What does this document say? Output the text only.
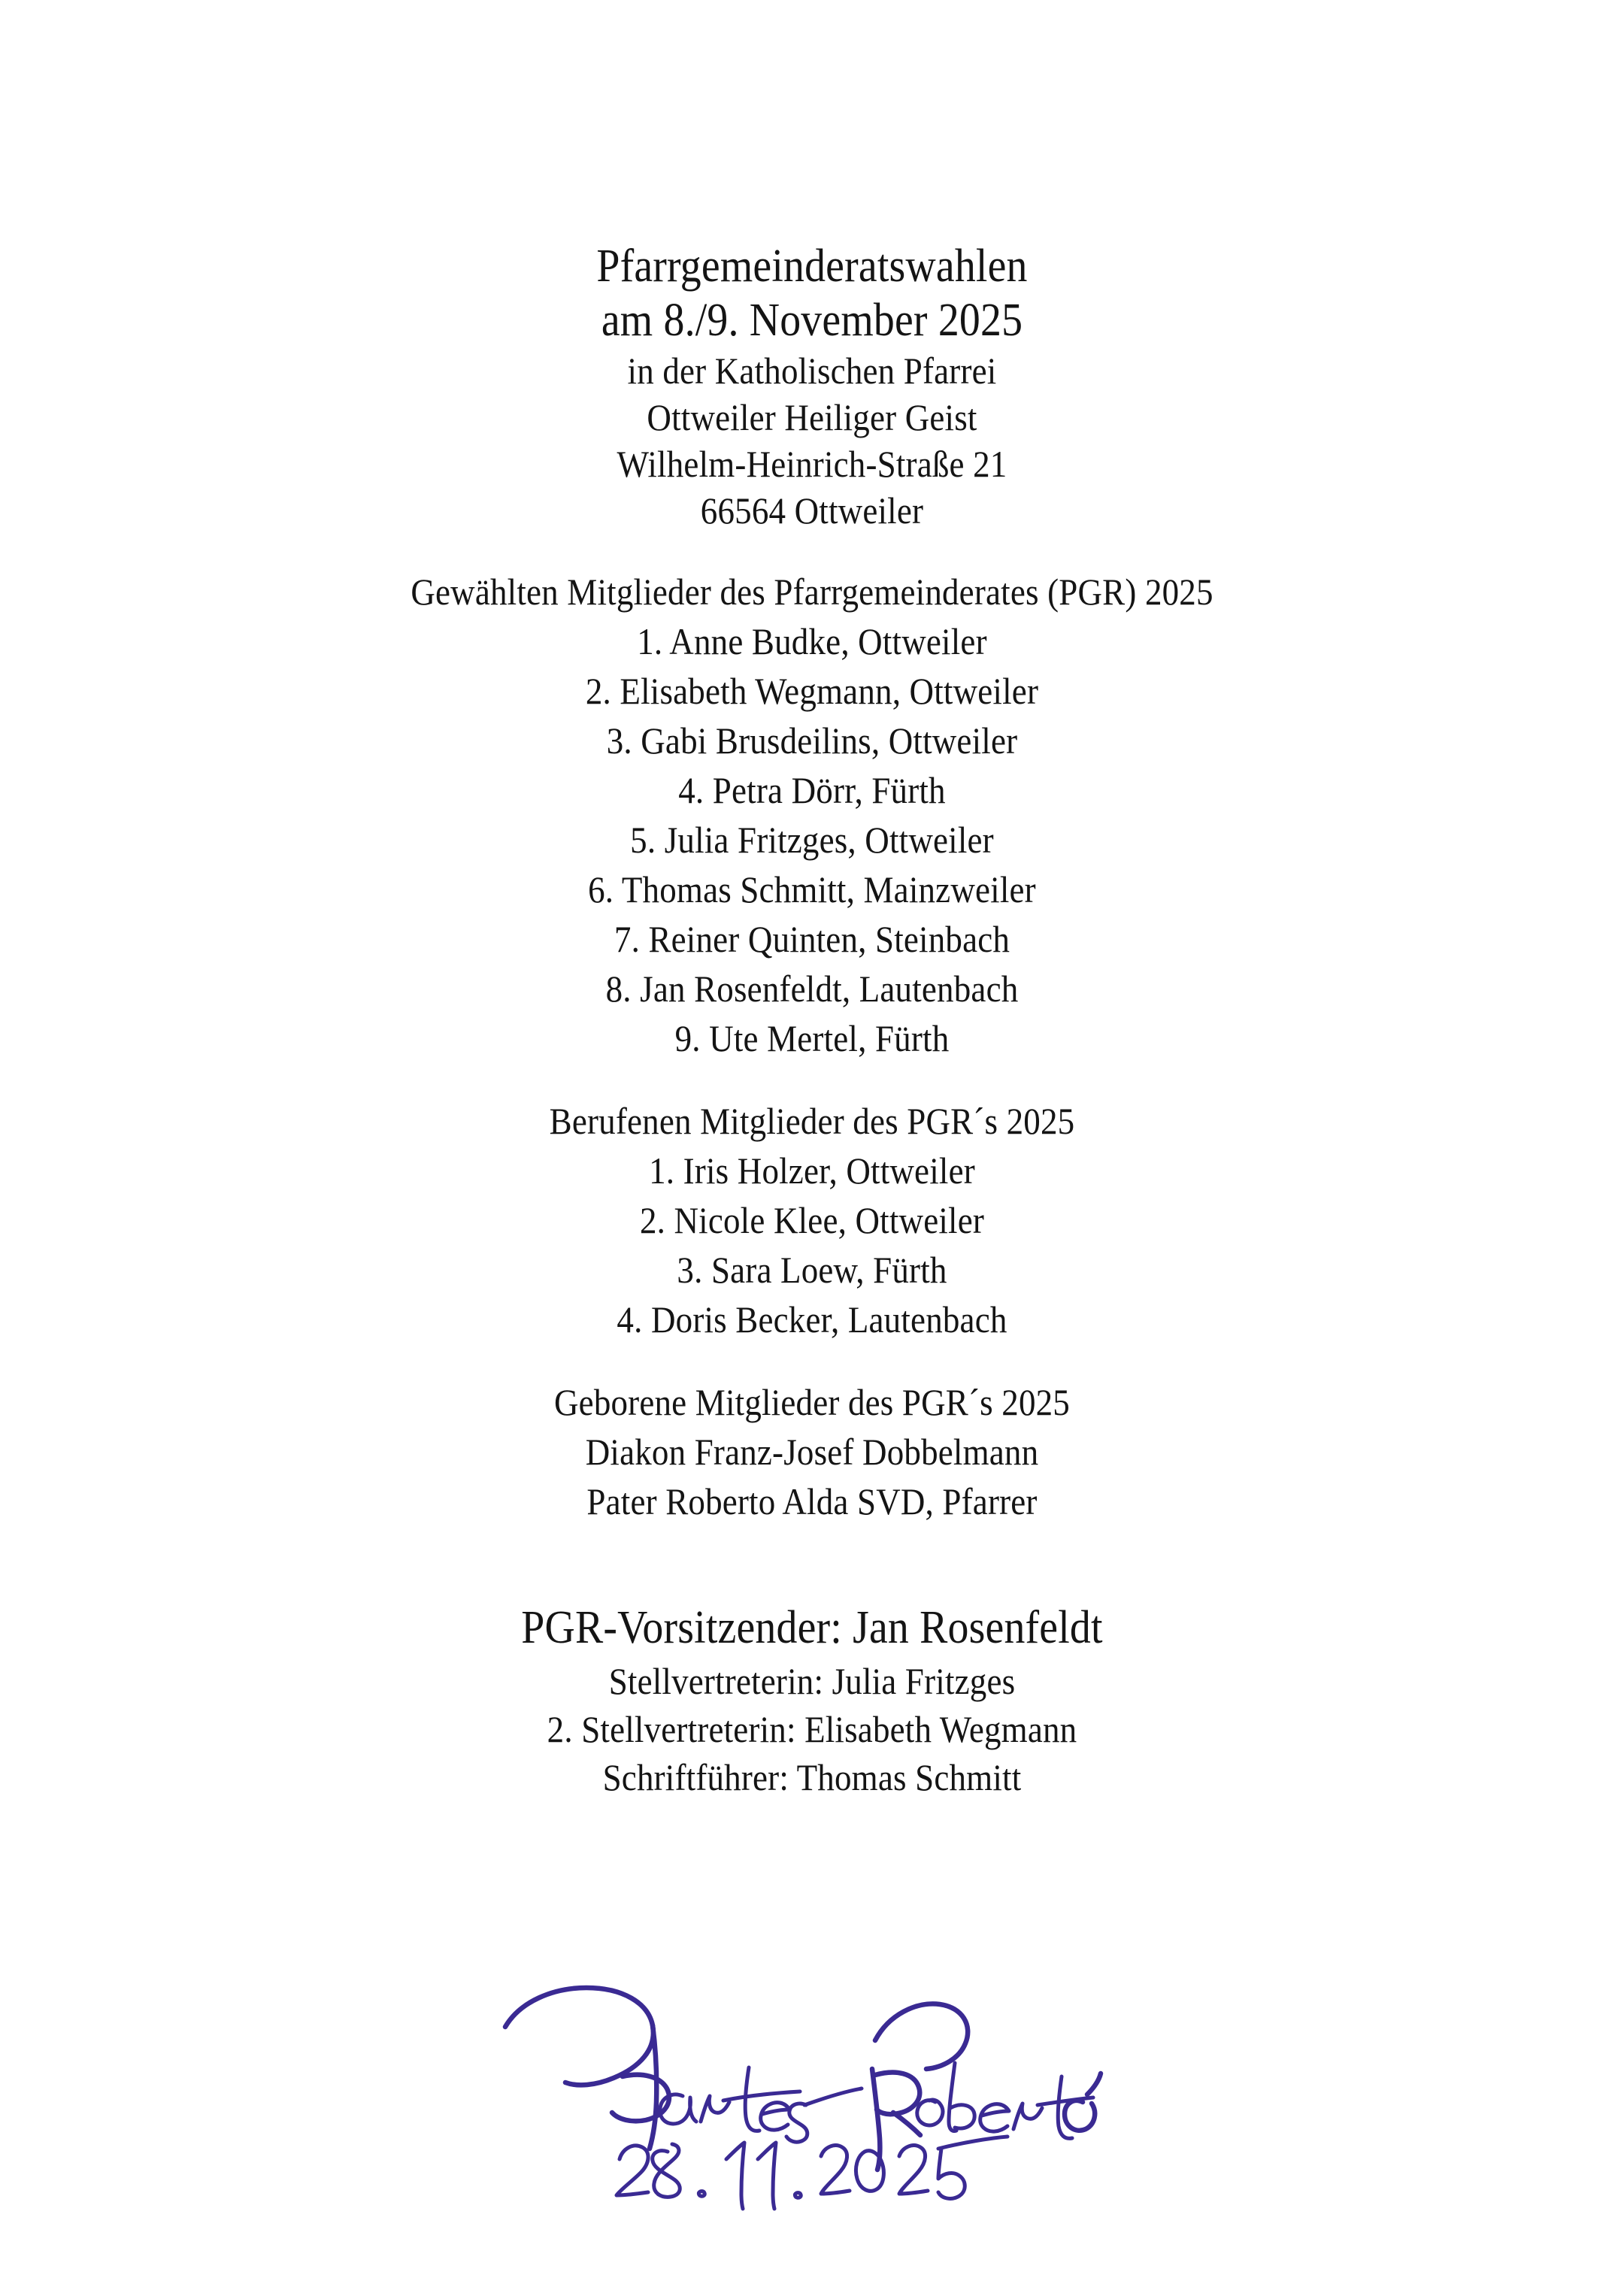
Pfarrgemeinderatswahlen
am 8./9. November 2025
in der Katholischen Pfarrei
Ottweiler Heiliger Geist
Wilhelm-Heinrich-Straße 21
66564 Ottweiler
Gewählten Mitglieder des Pfarrgemeinderates (PGR) 2025
1. Anne Budke, Ottweiler
2. Elisabeth Wegmann, Ottweiler
3. Gabi Brusdeilins, Ottweiler
4. Petra Dörr, Fürth
5. Julia Fritzges, Ottweiler
6. Thomas Schmitt, Mainzweiler
7. Reiner Quinten, Steinbach
8. Jan Rosenfeldt, Lautenbach
9. Ute Mertel, Fürth
Berufenen Mitglieder des PGR´s 2025
1. Iris Holzer, Ottweiler
2. Nicole Klee, Ottweiler
3. Sara Loew, Fürth
4. Doris Becker, Lautenbach
Geborene Mitglieder des PGR´s 2025
Diakon Franz-Josef Dobbelmann
Pater Roberto Alda SVD, Pfarrer
PGR-Vorsitzender: Jan Rosenfeldt
Stellvertreterin: Julia Fritzges
2. Stellvertreterin: Elisabeth Wegmann
Schriftführer: Thomas Schmitt
